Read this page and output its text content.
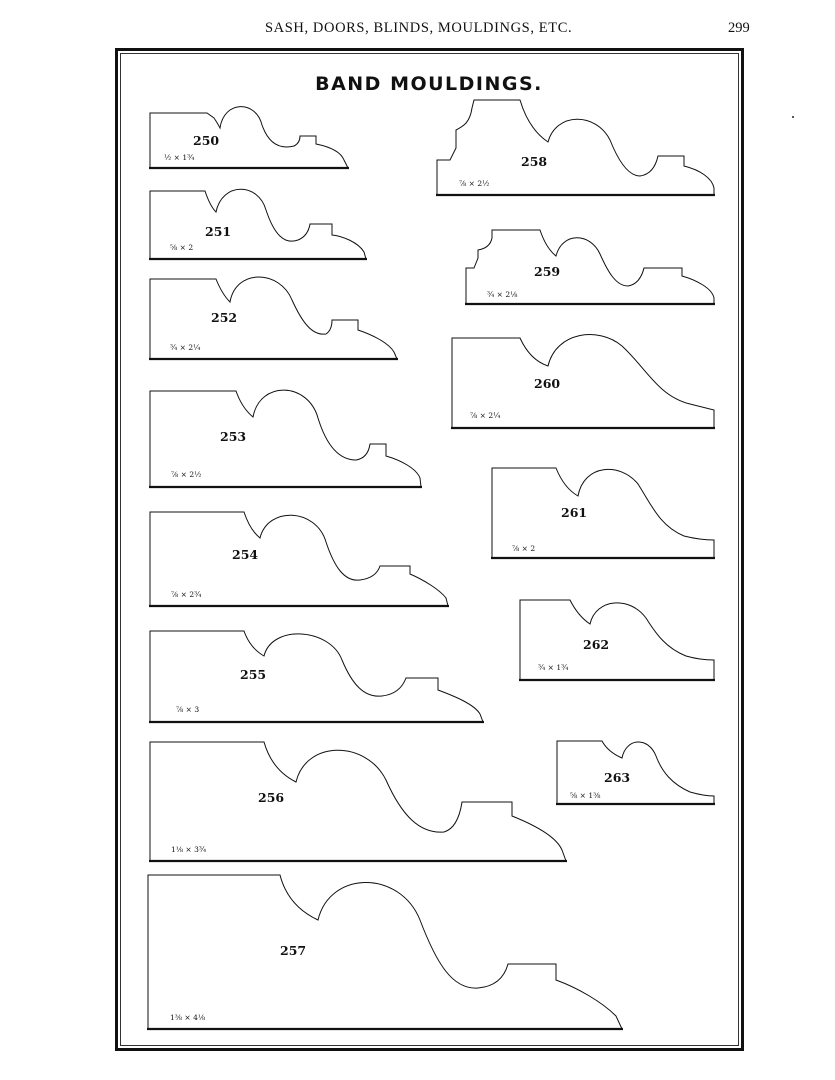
SASH, DOORS, BLINDS, MOULDINGS, ETC.	299
BAND MOULDINGS.
250
½ × 1¾
251
⅝ × 2
252
¾ × 2¼
253
⅞ × 2½
254
⅞ × 2¾
255
⅞ × 3
256
1⅛ × 3¾
257
1⅜ × 4⅛
258
⅞ × 2½
259
¾ × 2⅛
260
⅞ × 2¼
261
⅞ × 2
262
¾ × 1¾
263
⅝ × 1⅜
